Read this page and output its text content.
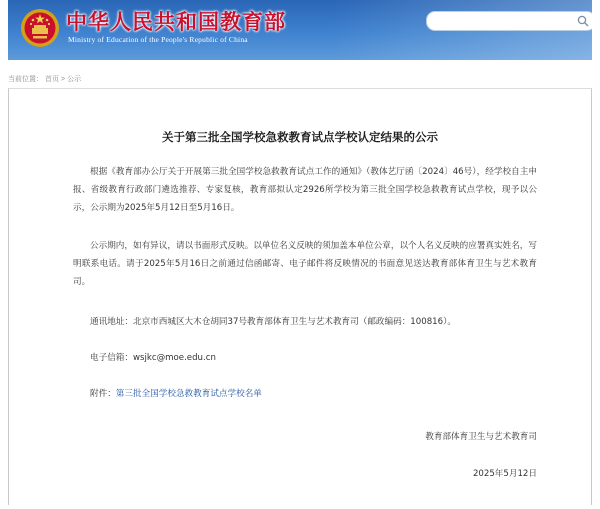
中华人民共和国教育部
Ministry of Education of the People's Republic of China
当前位置： 首页 > 公示
关于第三批全国学校急救教育试点学校认定结果的公示
根据《教育部办公厅关于开展第三批全国学校急救教育试点工作的通知》（教体艺厅函〔2024〕46号），经学校自主申报、省级教育行政部门遴选推荐、专家复核，教育部拟认定2926所学校为第三批全国学校急救教育试点学校，现予以公示，公示期为2025年5月12日至5月16日。
公示期内，如有异议，请以书面形式反映。以单位名义反映的须加盖本单位公章，以个人名义反映的应署真实姓名，写明联系电话。请于2025年5月16日之前通过信函邮寄、电子邮件将反映情况的书面意见送达教育部体育卫生与艺术教育司。
通讯地址：北京市西城区大木仓胡同37号教育部体育卫生与艺术教育司（邮政编码：100816）。
电子信箱：wsjkc@moe.edu.cn
附件：第三批全国学校急救教育试点学校名单
教育部体育卫生与艺术教育司
2025年5月12日
